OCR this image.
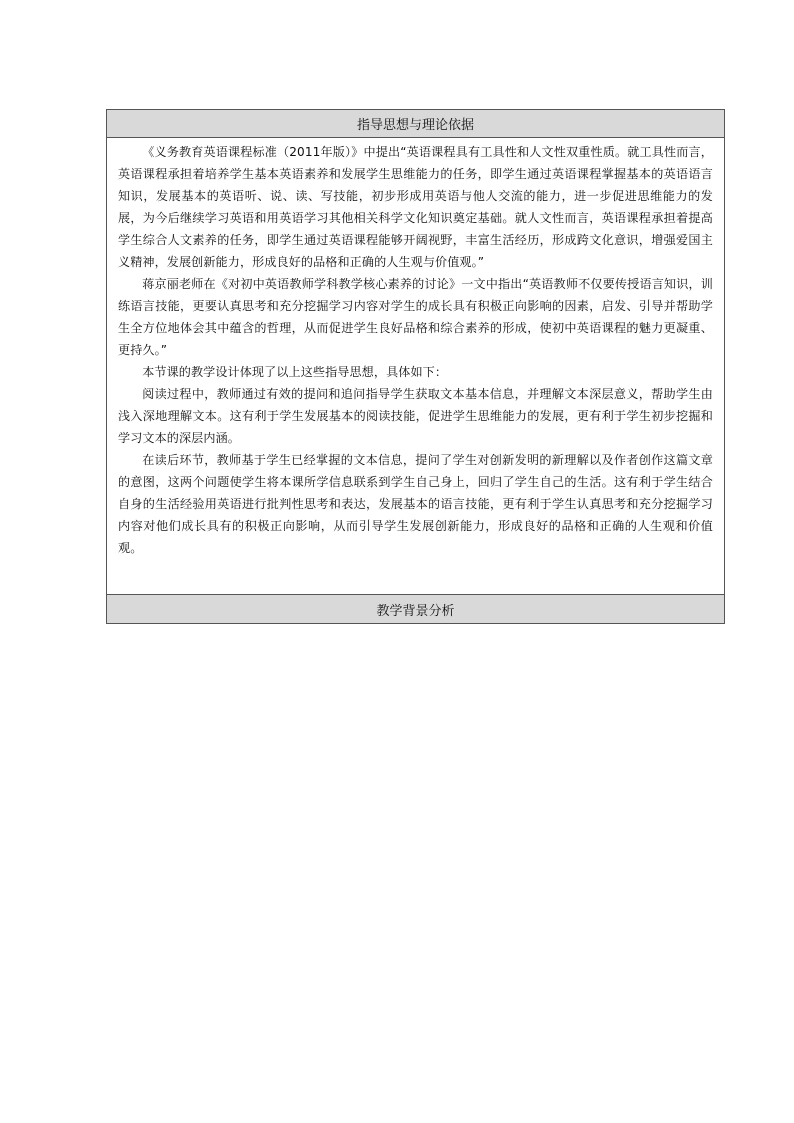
指导思想与理论依据

《义务教育英语课程标准（2011年版）》中提出“英语课程具有工具性和人文性双重性质。就工具性而言，英语课程承担着培养学生基本英语素养和发展学生思维能力的任务，即学生通过英语课程掌握基本的英语语言知识，发展基本的英语听、说、读、写技能，初步形成用英语与他人交流的能力，进一步促进思维能力的发展，为今后继续学习英语和用英语学习其他相关科学文化知识奠定基础。就人文性而言，英语课程承担着提高学生综合人文素养的任务，即学生通过英语课程能够开阔视野，丰富生活经历，形成跨文化意识，增强爱国主义精神，发展创新能力，形成良好的品格和正确的人生观与价值观。”

蒋京丽老师在《对初中英语教师学科教学核心素养的讨论》一文中指出“英语教师不仅要传授语言知识，训练语言技能，更要认真思考和充分挖掘学习内容对学生的成长具有积极正向影响的因素，启发、引导并帮助学生全方位地体会其中蕴含的哲理，从而促进学生良好品格和综合素养的形成，使初中英语课程的魅力更凝重、更持久。”

本节课的教学设计体现了以上这些指导思想，具体如下：

阅读过程中，教师通过有效的提问和追问指导学生获取文本基本信息，并理解文本深层意义，帮助学生由浅入深地理解文本。这有利于学生发展基本的阅读技能，促进学生思维能力的发展，更有利于学生初步挖掘和学习文本的深层内涵。

在读后环节，教师基于学生已经掌握的文本信息，提问了学生对创新发明的新理解以及作者创作这篇文章的意图，这两个问题使学生将本课所学信息联系到学生自己身上，回归了学生自己的生活。这有利于学生结合自身的生活经验用英语进行批判性思考和表达，发展基本的语言技能，更有利于学生认真思考和充分挖掘学习内容对他们成长具有的积极正向影响，从而引导学生发展创新能力，形成良好的品格和正确的人生观和价值观。

教学背景分析
